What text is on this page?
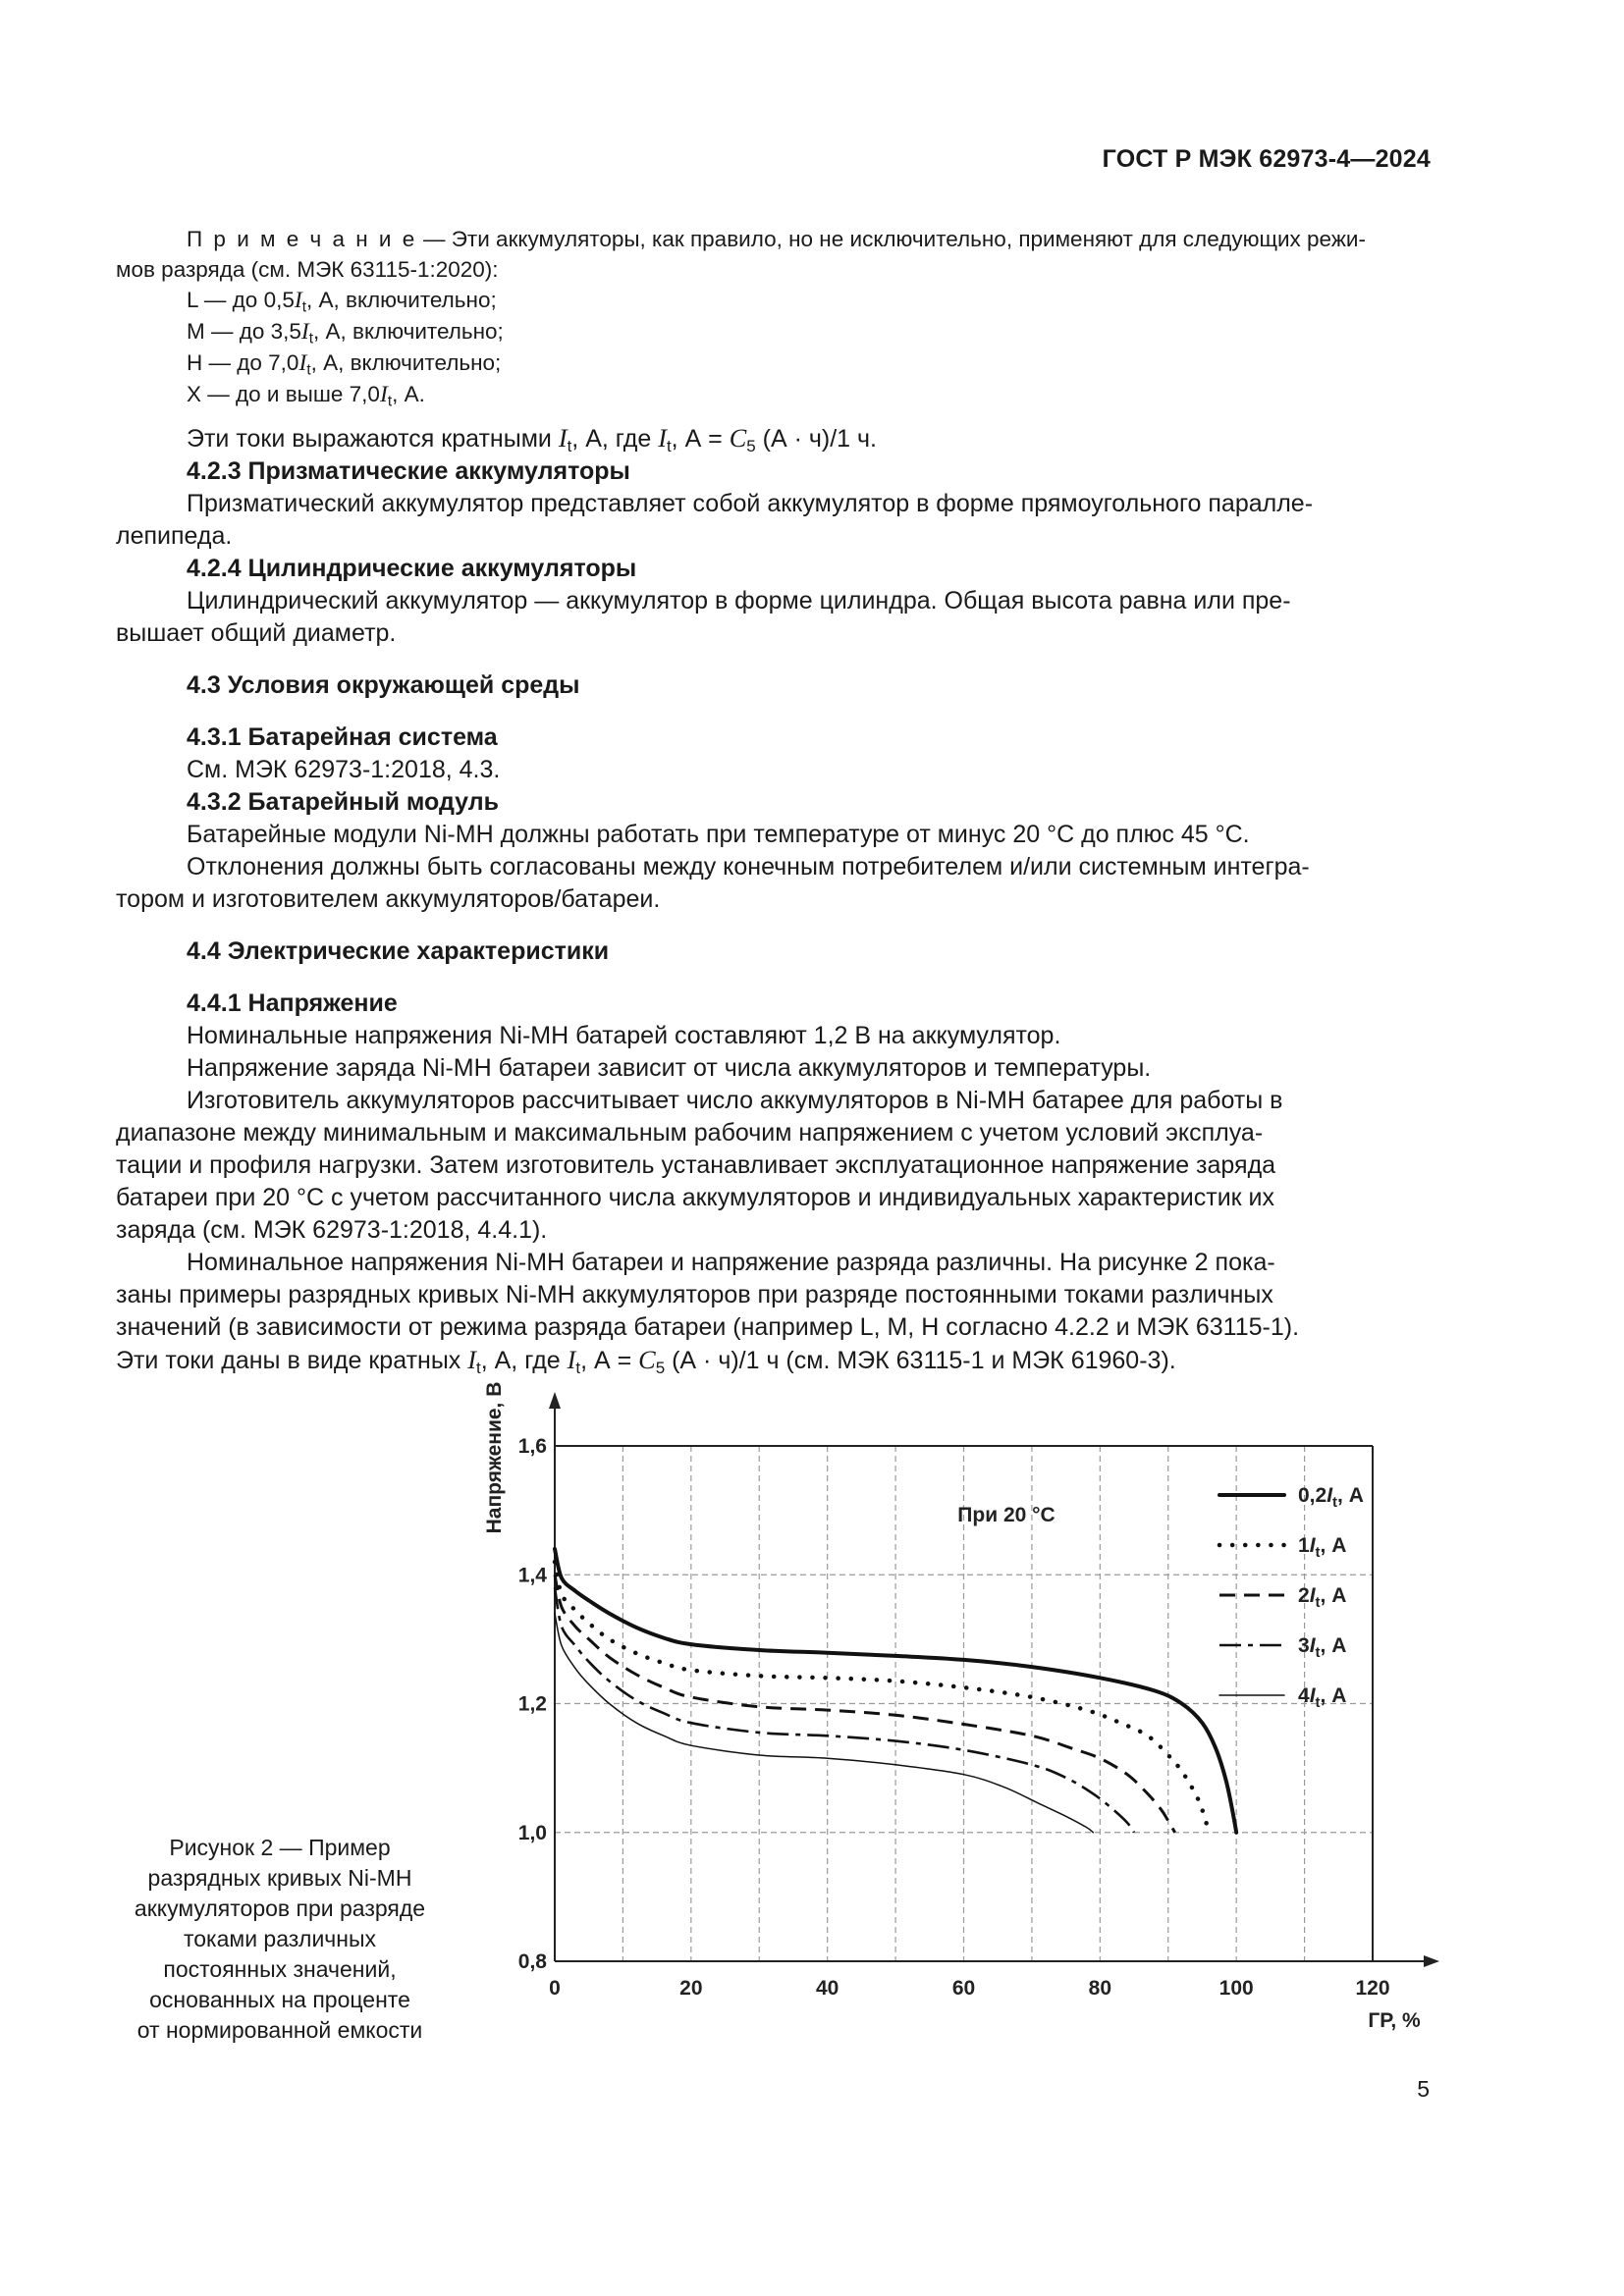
ГОСТ Р МЭК 62973-4—2024

П р и м е ч а н и е — Эти аккумуляторы, как правило, но не исключительно, применяют для следующих режи-

мов разряда (см. МЭК 63115-1:2020):

L — до $0,5I_t$, А, включительно;

M — до $3,5I_t$, А, включительно;

H — до $7,0I_t$, А, включительно;

X — до и выше $7,0I_t$, А.

Эти токи выражаются кратными $I_t$, А, где $I_t$, $А = C_5$ (А · ч)/1 ч.

4.2.3 Призматические аккумуляторы

Призматический аккумулятор представляет собой аккумулятор в форме прямоугольного паралле-

лепипеда.

4.2.4 Цилиндрические аккумуляторы

Цилиндрический аккумулятор — аккумулятор в форме цилиндра. Общая высота равна или пре-

вышает общий диаметр.

4.3 Условия окружающей среды

4.3.1 Батарейная система

См. МЭК 62973-1:2018, 4.3.

4.3.2 Батарейный модуль

Батарейные модули Ni-MH должны работать при температуре от минус 20 °С до плюс 45 °С.

Отклонения должны быть согласованы между конечным потребителем и/или системным интегра-

тором и изготовителем аккумуляторов/батареи.

4.4 Электрические характеристики

4.4.1 Напряжение

Номинальные напряжения Ni-MH батарей составляют 1,2 В на аккумулятор.

Напряжение заряда Ni-MH батареи зависит от числа аккумуляторов и температуры.

Изготовитель аккумуляторов рассчитывает число аккумуляторов в Ni-MH батарее для работы в

диапазоне между минимальным и максимальным рабочим напряжением с учетом условий эксплуа-

тации и профиля нагрузки. Затем изготовитель устанавливает эксплуатационное напряжение заряда

батареи при 20 °С с учетом рассчитанного числа аккумуляторов и индивидуальных характеристик их

заряда (см. МЭК 62973-1:2018, 4.4.1).

Номинальное напряжения Ni-MH батареи и напряжение разряда различны. На рисунке 2 пока-

заны примеры разрядных кривых Ni-MH аккумуляторов при разряде постоянными токами различных

значений (в зависимости от режима разряда батареи (например L, M, H согласно 4.2.2 и МЭК 63115-1).

Эти токи даны в виде кратных $I_t$, А, где $I_t$, $А = C_5$ (А · ч)/1 ч (см. МЭК 63115-1 и МЭК 61960-3).

Рисунок 2 — Пример
разрядных кривых Ni-MH
аккумуляторов при разряде
токами различных
постоянных значений,
основанных на проценте
от нормированной емкости
0	20	40	60	80	100	120
0,8
1,0
1,2
1,4
1,6
ГР, %
Напряжение, В	При 20 °С
$0,2I_t$, А
$1I_t$, А
$2I_t$, А
$3I_t$, А
$4I_t$, А
5
